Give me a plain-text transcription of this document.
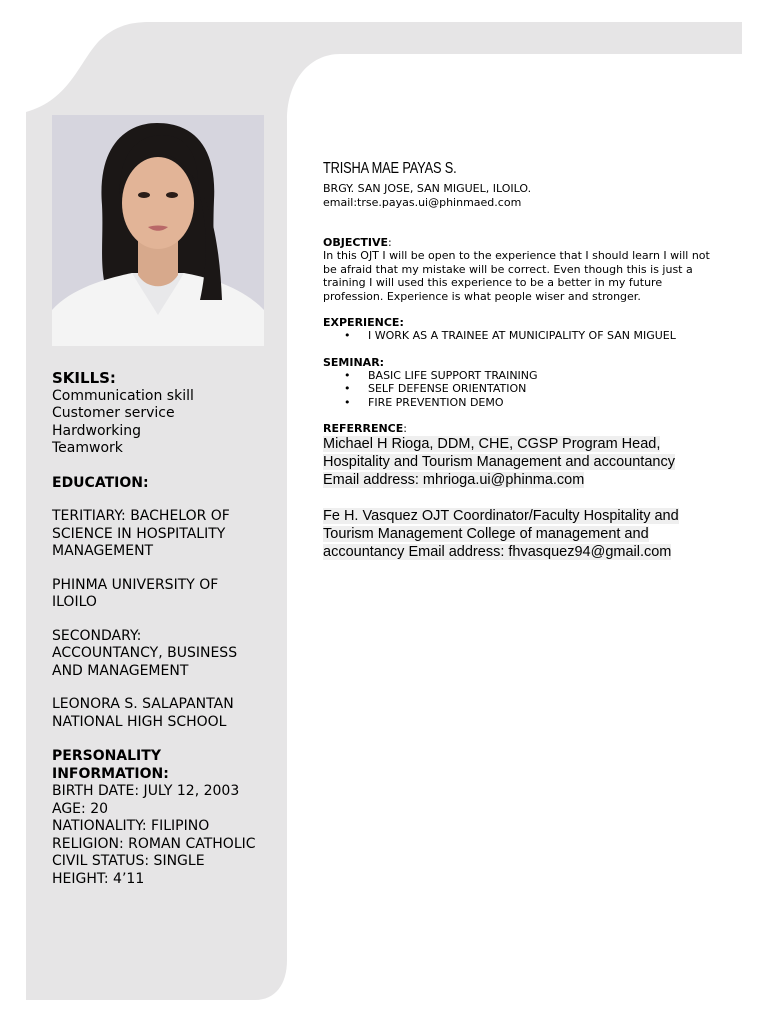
SKILLS:
Communication skill
Customer service
Hardworking
Teamwork
EDUCATION:
TERITIARY: BACHELOR OF
SCIENCE IN HOSPITALITY
MANAGEMENT
PHINMA UNIVERSITY OF
ILOILO
SECONDARY:
ACCOUNTANCY, BUSINESS
AND MANAGEMENT
LEONORA S. SALAPANTAN
NATIONAL HIGH SCHOOL
PERSONALITY
INFORMATION:
BIRTH DATE: JULY 12, 2003
AGE: 20
NATIONALITY: FILIPINO
RELIGION: ROMAN CATHOLIC
CIVIL STATUS: SINGLE
HEIGHT: 4’11
TRISHA MAE PAYAS S.
BRGY. SAN JOSE, SAN MIGUEL, ILOILO.
email:trse.payas.ui@phinmaed.com
OBJECTIVE:
In this OJT I will be open to the experience that I should learn I will not be afraid that my mistake will be correct. Even though this is just a training I will used this experience to be a better in my future profession. Experience is what people wiser and stronger.
EXPERIENCE:
• I WORK AS A TRAINEE AT MUNICIPALITY OF SAN MIGUEL
SEMINAR:
• BASIC LIFE SUPPORT TRAINING
• SELF DEFENSE ORIENTATION
• FIRE PREVENTION DEMO
REFERRENCE:
Michael H Rioga, DDM, CHE, CGSP Program Head,
Hospitality and Tourism Management and accountancy
Email address: mhrioga.ui@phinma.com
Fe H. Vasquez OJT Coordinator/Faculty Hospitality and
Tourism Management College of management and
accountancy Email address: fhvasquez94@gmail.com
